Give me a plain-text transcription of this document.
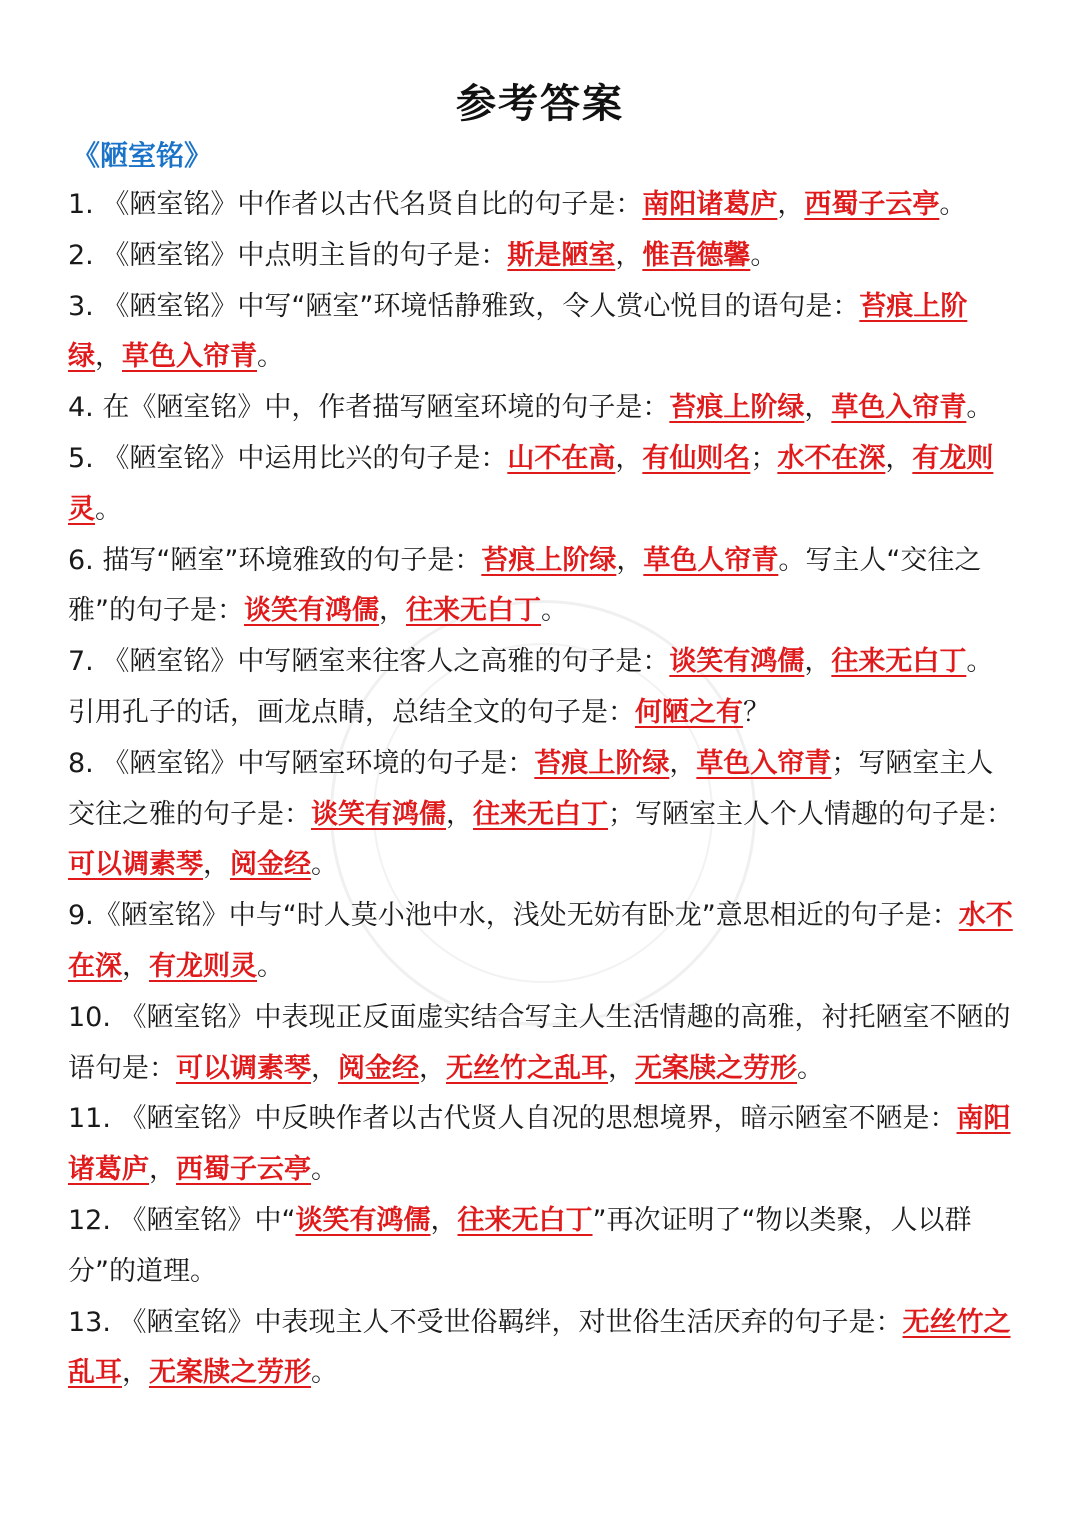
参考答案
《陋室铭》

1. 《陋室铭》中作者以古代名贤自比的句子是：南阳诸葛庐，西蜀子云亭。

2. 《陋室铭》中点明主旨的句子是：斯是陋室，惟吾德馨。

3. 《陋室铭》中写“陋室”环境恬静雅致，令人赏心悦目的语句是：苔痕上阶绿，草色入帘青。

4. 在《陋室铭》中，作者描写陋室环境的句子是：苔痕上阶绿，草色入帘青。

5. 《陋室铭》中运用比兴的句子是：山不在高，有仙则名；水不在深，有龙则灵。

6. 描写“陋室”环境雅致的句子是：苔痕上阶绿，草色人帘青。写主人“交往之雅”的句子是：谈笑有鸿儒，往来无白丁。

7. 《陋室铭》中写陋室来往客人之高雅的句子是：谈笑有鸿儒，往来无白丁。引用孔子的话，画龙点睛，总结全文的句子是：何陋之有？

8. 《陋室铭》中写陋室环境的句子是：苔痕上阶绿，草色入帘青；写陋室主人交往之雅的句子是：谈笑有鸿儒，往来无白丁；写陋室主人个人情趣的句子是：可以调素琴，阅金经。

9.《陋室铭》中与“时人莫小池中水，浅处无妨有卧龙”意思相近的句子是：水不在深，有龙则灵。

10. 《陋室铭》中表现正反面虚实结合写主人生活情趣的高雅，衬托陋室不陋的语句是：可以调素琴，阅金经，无丝竹之乱耳，无案牍之劳形。

11. 《陋室铭》中反映作者以古代贤人自况的思想境界，暗示陋室不陋是：南阳诸葛庐，西蜀子云亭。

12. 《陋室铭》中“谈笑有鸿儒，往来无白丁”再次证明了“物以类聚，人以群分”的道理。

13. 《陋室铭》中表现主人不受世俗羁绊，对世俗生活厌弃的句子是：无丝竹之乱耳，无案牍之劳形。
